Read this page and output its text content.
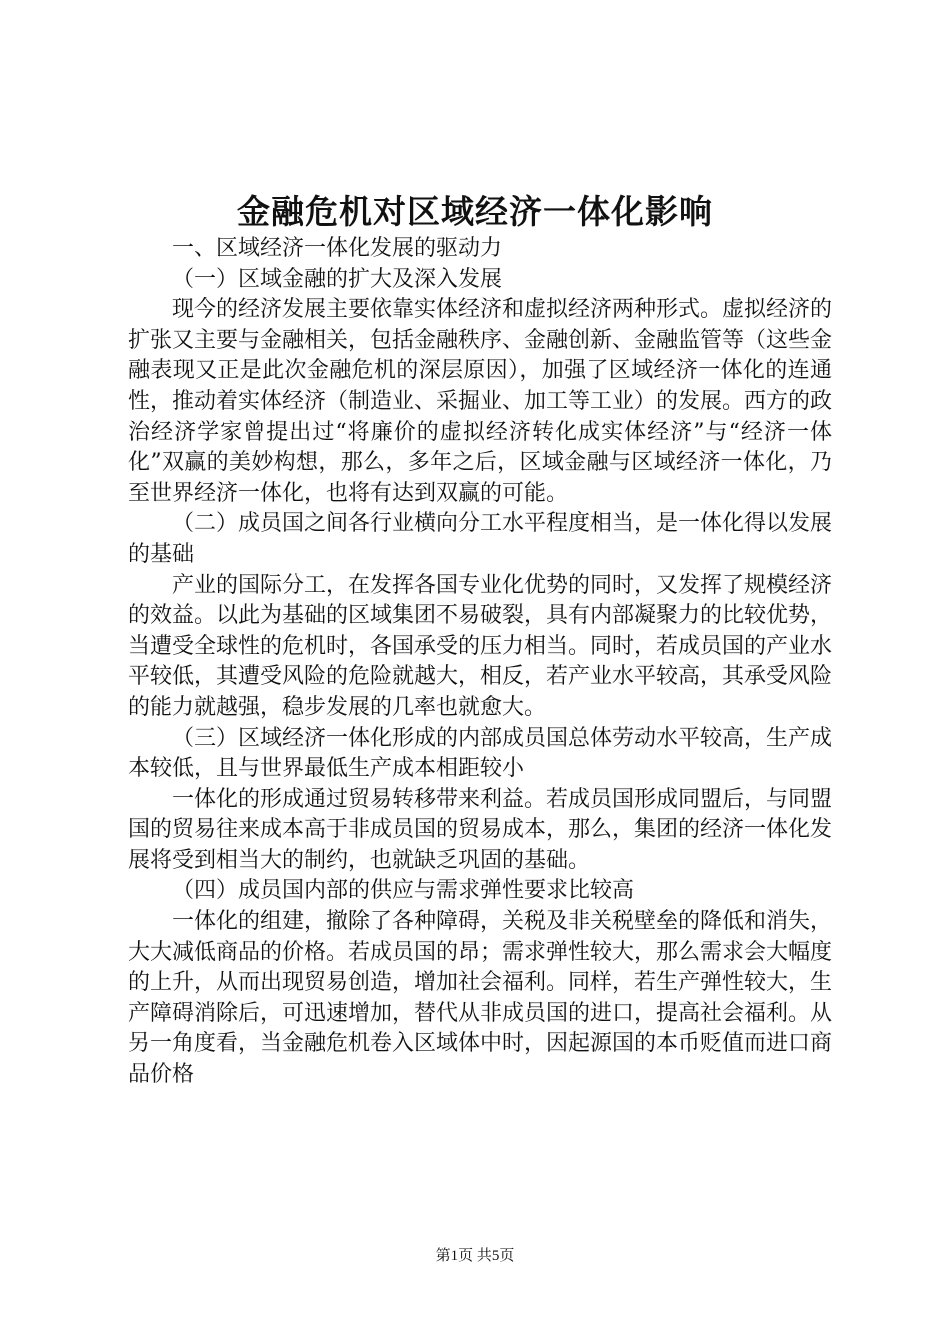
金融危机对区域经济一体化影响

一、区域经济一体化发展的驱动力

（一）区域金融的扩大及深入发展

现今的经济发展主要依靠实体经济和虚拟经济两种形式。虚拟经济的扩张又主要与金融相关，包括金融秩序、金融创新、金融监管等（这些金融表现又正是此次金融危机的深层原因），加强了区域经济一体化的连通性，推动着实体经济（制造业、采掘业、加工等工业）的发展。西方的政治经济学家曾提出过“将廉价的虚拟经济转化成实体经济”与“经济一体化”双赢的美妙构想，那么，多年之后，区域金融与区域经济一体化，乃至世界经济一体化，也将有达到双赢的可能。

（二）成员国之间各行业横向分工水平程度相当，是一体化得以发展的基础

产业的国际分工，在发挥各国专业化优势的同时，又发挥了规模经济的效益。以此为基础的区域集团不易破裂，具有内部凝聚力的比较优势，当遭受全球性的危机时，各国承受的压力相当。同时，若成员国的产业水平较低，其遭受风险的危险就越大，相反，若产业水平较高，其承受风险的能力就越强，稳步发展的几率也就愈大。

（三）区域经济一体化形成的内部成员国总体劳动水平较高，生产成本较低，且与世界最低生产成本相距较小

一体化的形成通过贸易转移带来利益。若成员国形成同盟后，与同盟国的贸易往来成本高于非成员国的贸易成本，那么，集团的经济一体化发展将受到相当大的制约，也就缺乏巩固的基础。

（四）成员国内部的供应与需求弹性要求比较高

一体化的组建，撤除了各种障碍，关税及非关税壁垒的降低和消失，大大减低商品的价格。若成员国的昂；需求弹性较大，那么需求会大幅度的上升，从而出现贸易创造，增加社会福利。同样，若生产弹性较大，生产障碍消除后，可迅速增加，替代从非成员国的进口，提高社会福利。从另一角度看，当金融危机卷入区域体中时，因起源国的本币贬值而进口商品价格

第1页 共5页
